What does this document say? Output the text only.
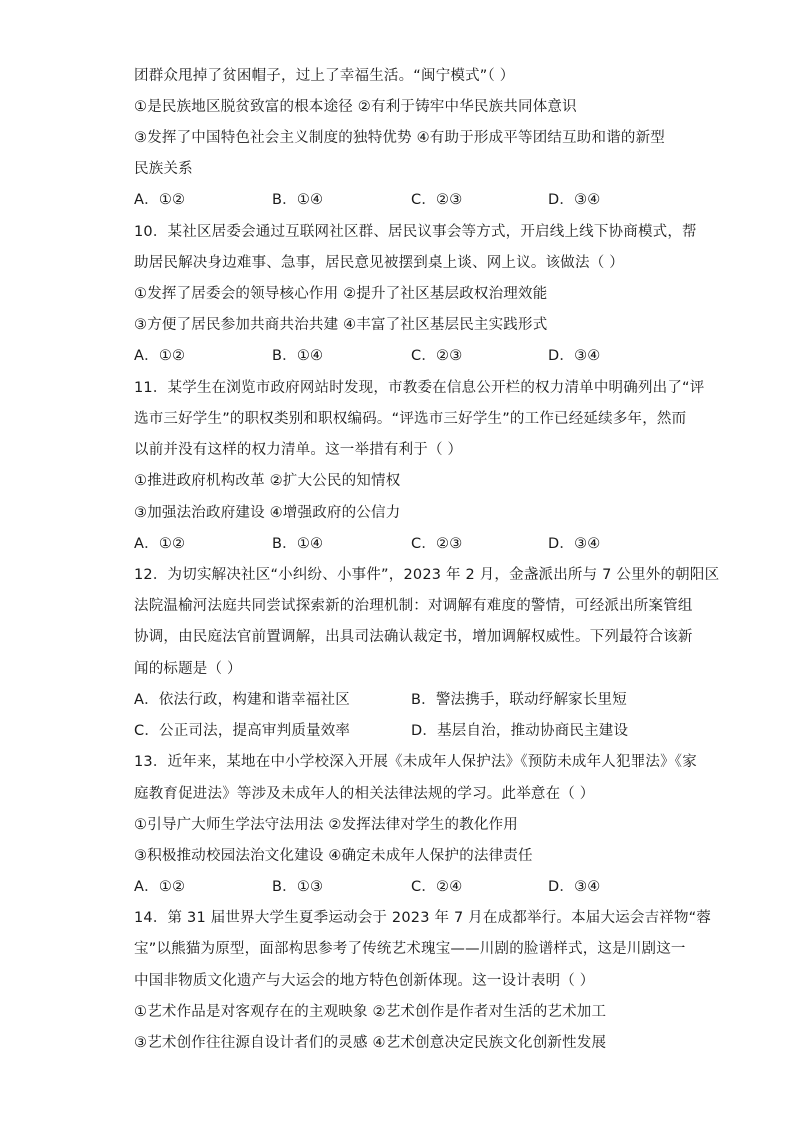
团群众甩掉了贫困帽子，过上了幸福生活。“闽宁模式”（ ）
①是民族地区脱贫致富的根本途径 ②有利于铸牢中华民族共同体意识
③发挥了中国特色社会主义制度的独特优势 ④有助于形成平等团结互助和谐的新型
民族关系
A．①②	B．①④	C．②③	D．③④
10．某社区居委会通过互联网社区群、居民议事会等方式，开启线上线下协商模式，帮
助居民解决身边难事、急事，居民意见被摆到桌上谈、网上议。该做法（ ）
①发挥了居委会的领导核心作用 ②提升了社区基层政权治理效能
③方便了居民参加共商共治共建 ④丰富了社区基层民主实践形式
A．①②	B．①④	C．②③	D．③④
11．某学生在浏览市政府网站时发现，市教委在信息公开栏的权力清单中明确列出了“评
选市三好学生”的职权类别和职权编码。“评选市三好学生”的工作已经延续多年，然而
以前并没有这样的权力清单。这一举措有利于（ ）
①推进政府机构改革 ②扩大公民的知情权
③加强法治政府建设 ④增强政府的公信力
A．①②	B．①④	C．②③	D．③④
12．为切实解决社区“小纠纷、小事件”，2023 年 2 月，金盏派出所与 7 公里外的朝阳区
法院温榆河法庭共同尝试探索新的治理机制：对调解有难度的警情，可经派出所案管组
协调，由民庭法官前置调解，出具司法确认裁定书，增加调解权威性。下列最符合该新
闻的标题是（ ）
A．依法行政，构建和谐幸福社区	B．警法携手，联动纾解家长里短
C．公正司法，提高审判质量效率	D．基层自治，推动协商民主建设
13．近年来，某地在中小学校深入开展《未成年人保护法》《预防未成年人犯罪法》《家
庭教育促进法》等涉及未成年人的相关法律法规的学习。此举意在（ ）
①引导广大师生学法守法用法 ②发挥法律对学生的教化作用
③积极推动校园法治文化建设 ④确定未成年人保护的法律责任
A．①②	B．①③	C．②④	D．③④
14．第 31 届世界大学生夏季运动会于 2023 年 7 月在成都举行。本届大运会吉祥物“蓉
宝”以熊猫为原型，面部构思参考了传统艺术瑰宝——川剧的脸谱样式，这是川剧这一
中国非物质文化遗产与大运会的地方特色创新体现。这一设计表明（ ）
①艺术作品是对客观存在的主观映象 ②艺术创作是作者对生活的艺术加工
③艺术创作往往源自设计者们的灵感 ④艺术创意决定民族文化创新性发展
